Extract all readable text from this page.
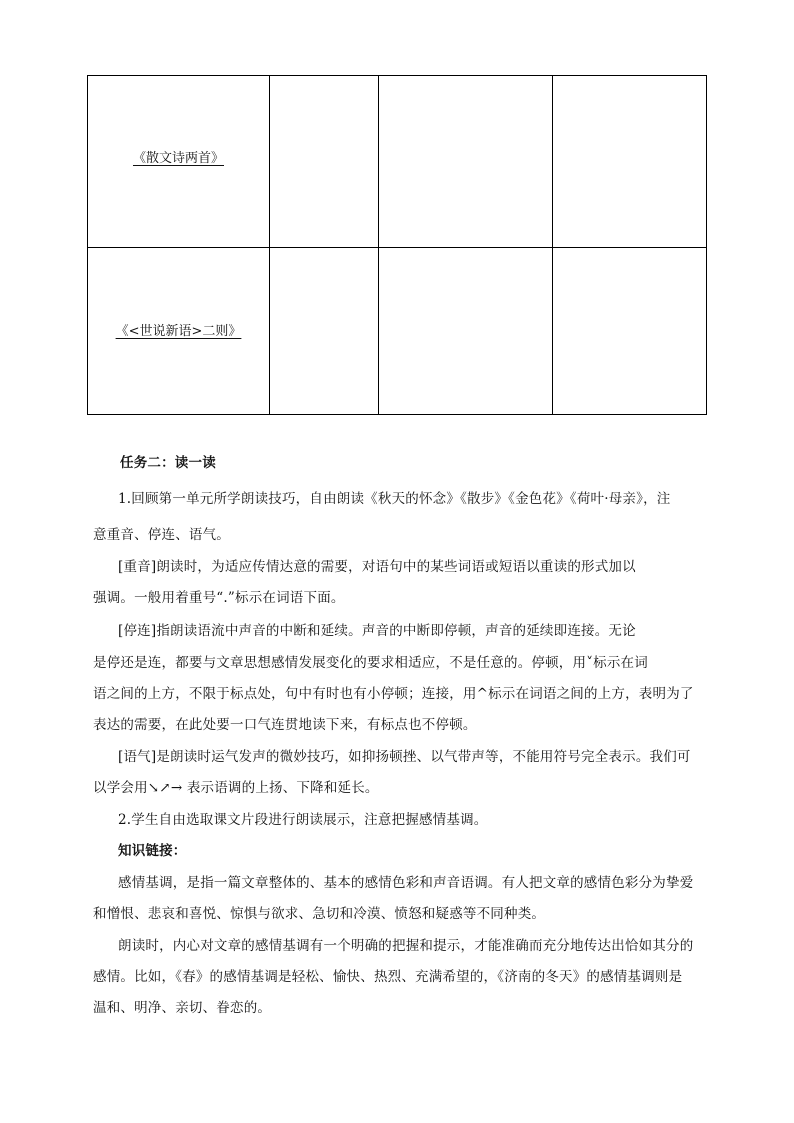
《散文诗两首》			
《<世说新语>二则》			
任务二：读一读
1.回顾第一单元所学朗读技巧，自由朗读《秋天的怀念》《散步》《金色花》《荷叶·母亲》，注
意重音、停连、语气。
[重音]朗读时，为适应传情达意的需要，对语句中的某些词语或短语以重读的形式加以
强调。一般用着重号“.”标示在词语下面。
[停连]指朗读语流中声音的中断和延续。声音的中断即停顿，声音的延续即连接。无论
是停还是连，都要与文章思想感情发展变化的要求相适应，不是任意的。停顿，用˅标示在词
语之间的上方，不限于标点处，句中有时也有小停顿；连接，用^标示在词语之间的上方，表明为了
表达的需要，在此处要一口气连贯地读下来，有标点也不停顿。
[语气]是朗读时运气发声的微妙技巧，如抑扬顿挫、以气带声等，不能用符号完全表示。我们可
以学会用↘↗→ 表示语调的上扬、下降和延长。
2.学生自由选取课文片段进行朗读展示，注意把握感情基调。
知识链接：
感情基调，是指一篇文章整体的、基本的感情色彩和声音语调。有人把文章的感情色彩分为挚爱
和憎恨、悲哀和喜悦、惊惧与欲求、急切和冷漠、愤怒和疑惑等不同种类。
朗读时，内心对文章的感情基调有一个明确的把握和提示，才能准确而充分地传达出恰如其分的
感情。比如，《春》的感情基调是轻松、愉快、热烈、充满希望的，《济南的冬天》的感情基调则是
温和、明净、亲切、眷恋的。
